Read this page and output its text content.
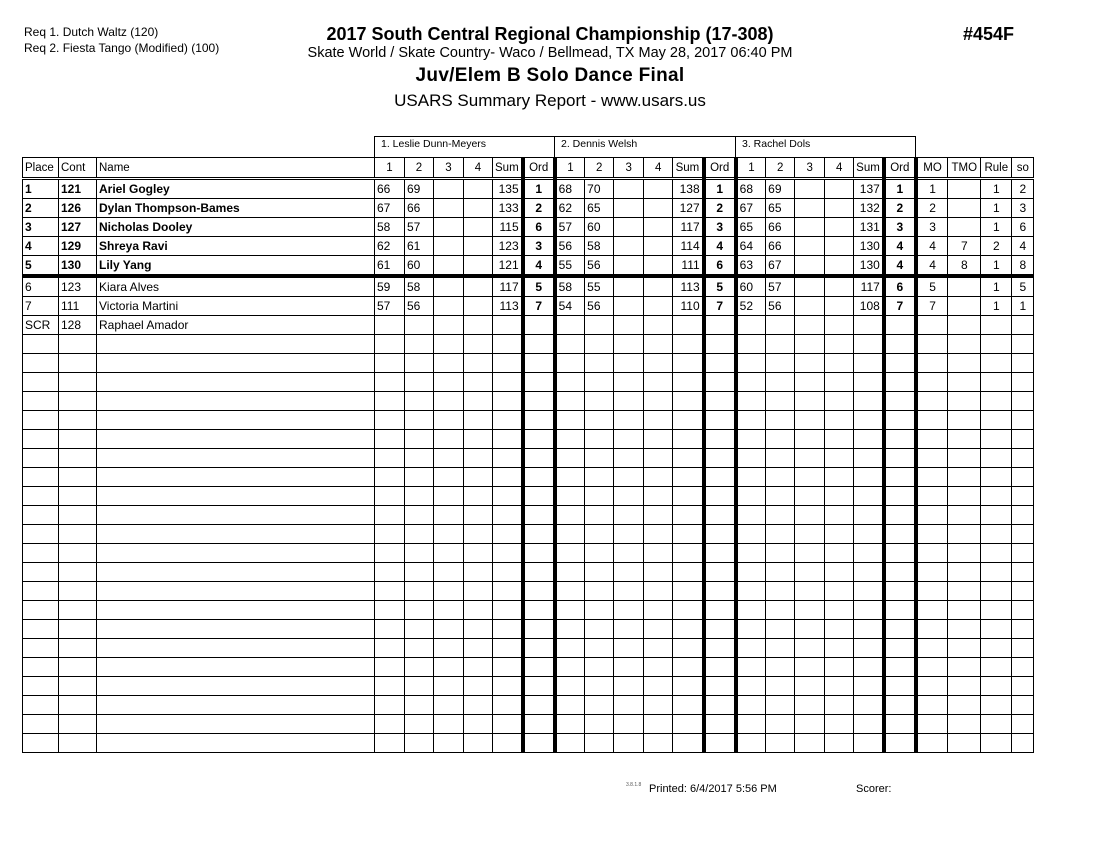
Req 1. Dutch Waltz (120)
Req 2. Fiesta Tango (Modified) (100)
2017 South Central Regional Championship (17-308)
Skate World / Skate Country- Waco / Bellmead, TX May 28, 2017 06:40 PM
Juv/Elem B Solo Dance Final
USARS Summary Report - www.usars.us
#454F
1. Leslie Dunn-Meyers	2. Dennis Welsh	3. Rachel Dols
Place	Cont	Name	1	2	3	4	Sum	Ord	1	2	3	4	Sum	Ord	1	2	3	4	Sum	Ord	MO	TMO	Rule	so
1	121	Ariel Gogley	66	69			135	1	68	70			138	1	68	69			137	1	1		1	2
2	126	Dylan Thompson-Bames	67	66			133	2	62	65			127	2	67	65			132	2	2		1	3
3	127	Nicholas Dooley	58	57			115	6	57	60			117	3	65	66			131	3	3		1	6
4	129	Shreya Ravi	62	61			123	3	56	58			114	4	64	66			130	4	4	7	2	4
5	130	Lily Yang	61	60			121	4	55	56			111	6	63	67			130	4	4	8	1	8
6	123	Kiara Alves	59	58			117	5	58	55			113	5	60	57			117	6	5		1	5
7	111	Victoria Martini	57	56			113	7	54	56			110	7	52	56			108	7	7		1	1
SCR	128	Raphael Amador																						

3.8.1.8 Printed: 6/4/2017 5:56 PM	Scorer:
